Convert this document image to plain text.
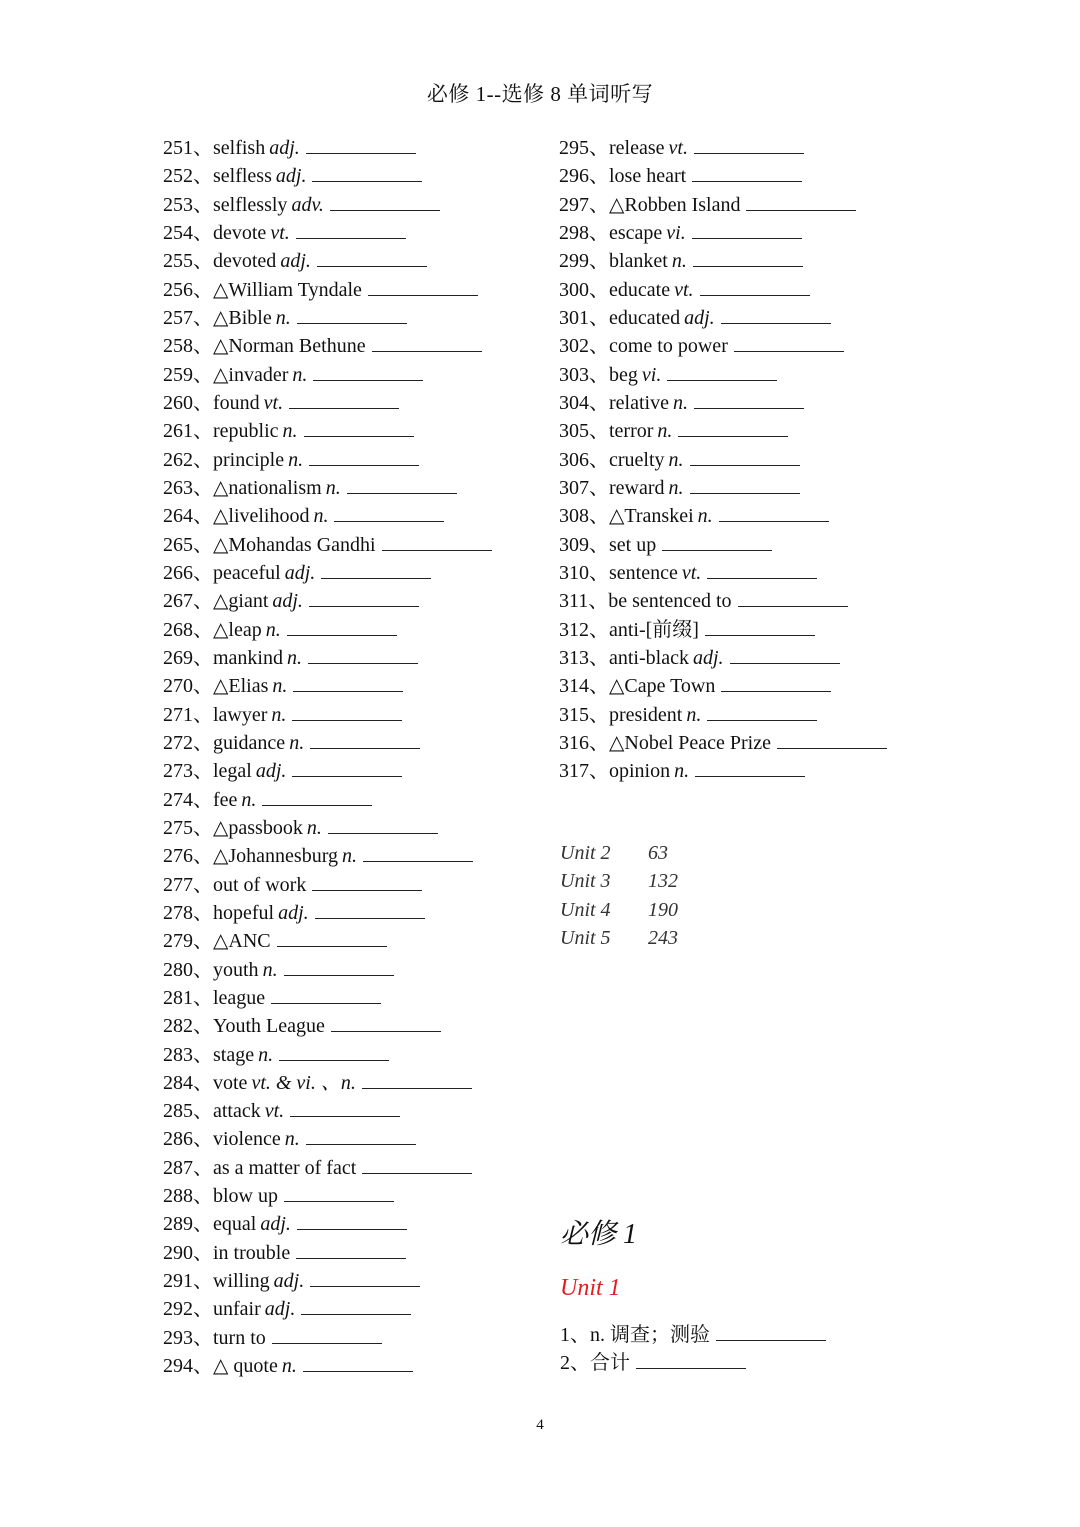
必修 1--选修 8 单词听写
251、selfish adj.
252、selfless adj.
253、selflessly adv.
254、devote vt.
255、devoted adj.
256、△William Tyndale
257、△Bible n.
258、△Norman Bethune
259、△invader n.
260、found vt.
261、republic n.
262、principle n.
263、△nationalism n.
264、△livelihood n.
265、△Mohandas Gandhi
266、peaceful adj.
267、△giant adj.
268、△leap n.
269、mankind n.
270、△Elias n.
271、lawyer n.
272、guidance n.
273、legal adj.
274、fee n.
275、△passbook n.
276、△Johannesburg n.
277、out of work
278、hopeful adj.
279、△ANC
280、youth n.
281、league
282、Youth League
283、stage n.
284、vote vt. & vi. 、n.
285、attack vt.
286、violence n.
287、as a matter of fact
288、blow up
289、equal adj.
290、in trouble
291、willing adj.
292、unfair adj.
293、turn to
294、△ quote n.
295、release vt.
296、lose heart
297、△Robben Island
298、escape vi.
299、blanket n.
300、educate vt.
301、educated adj.
302、come to power
303、beg vi.
304、relative n.
305、terror n.
306、cruelty n.
307、reward n.
308、△Transkei n.
309、set up
310、sentence vt.
311、be sentenced to
312、anti-[前缀]
313、anti-black adj.
314、△Cape Town
315、president n.
316、△Nobel Peace Prize
317、opinion n.
Unit 2 63
Unit 3 132
Unit 4 190
Unit 5 243
必修 1
Unit 1
1、n. 调查；测验
2、合计
4
